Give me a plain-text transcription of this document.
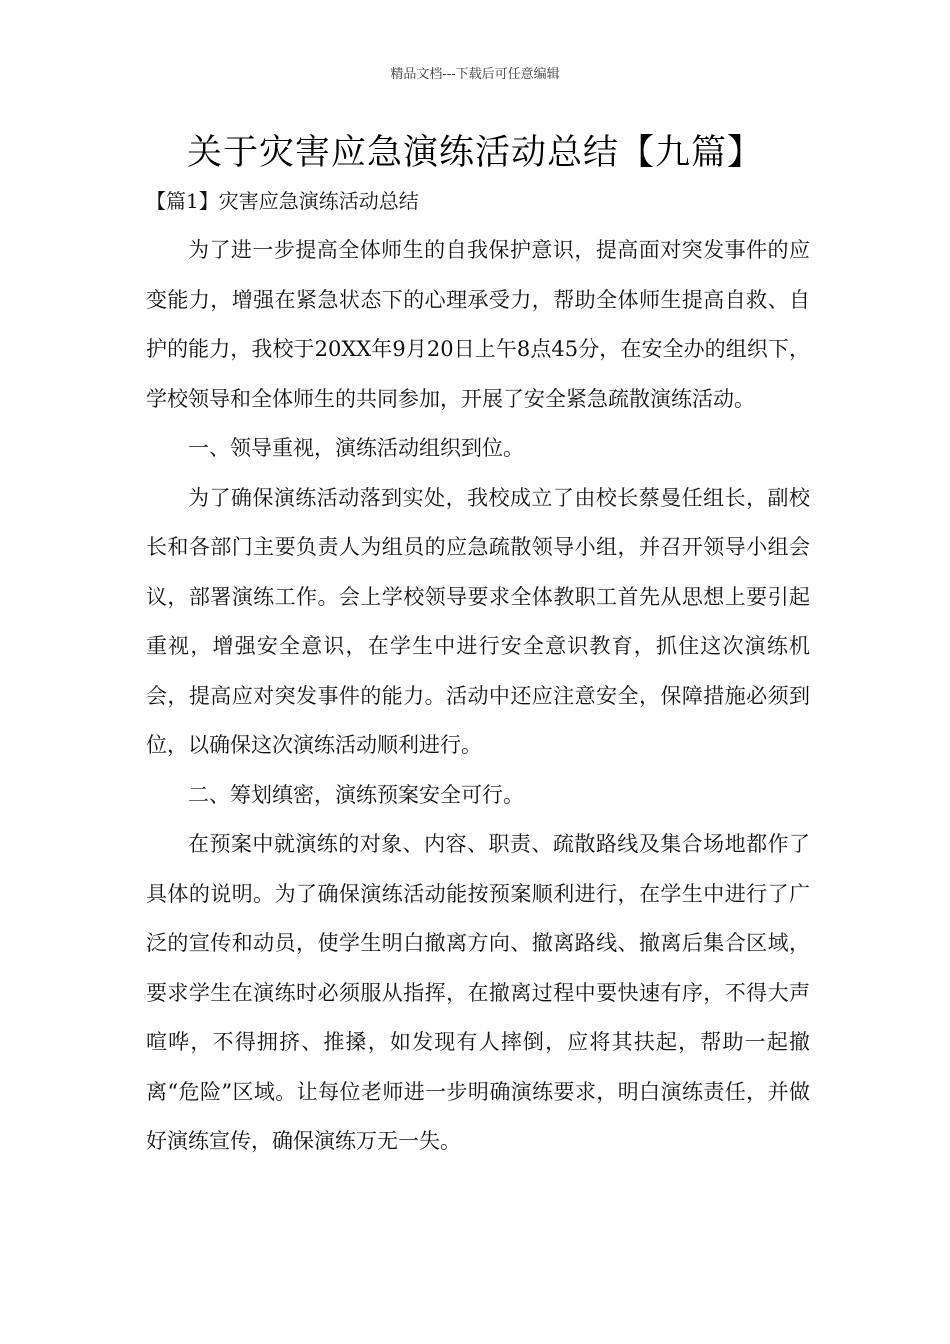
精品文档---下载后可任意编辑
关于灾害应急演练活动总结【九篇】
【篇1】灾害应急演练活动总结

为了进一步提高全体师生的自我保护意识，提高面对突发事件的应变能力，增强在紧急状态下的心理承受力，帮助全体师生提高自救、自护的能力，我校于20XX年9月20日上午8点45分，在安全办的组织下，学校领导和全体师生的共同参加，开展了安全紧急疏散演练活动。

一、领导重视，演练活动组织到位。

为了确保演练活动落到实处，我校成立了由校长蔡曼任组长，副校长和各部门主要负责人为组员的应急疏散领导小组，并召开领导小组会议，部署演练工作。会上学校领导要求全体教职工首先从思想上要引起重视，增强安全意识，在学生中进行安全意识教育，抓住这次演练机会，提高应对突发事件的能力。活动中还应注意安全，保障措施必须到位，以确保这次演练活动顺利进行。

二、筹划缜密，演练预案安全可行。

在预案中就演练的对象、内容、职责、疏散路线及集合场地都作了具体的说明。为了确保演练活动能按预案顺利进行，在学生中进行了广泛的宣传和动员，使学生明白撤离方向、撤离路线、撤离后集合区域，要求学生在演练时必须服从指挥，在撤离过程中要快速有序，不得大声喧哗，不得拥挤、推搡，如发现有人摔倒，应将其扶起，帮助一起撤离“危险”区域。让每位老师进一步明确演练要求，明白演练责任，并做好演练宣传，确保演练万无一失。
